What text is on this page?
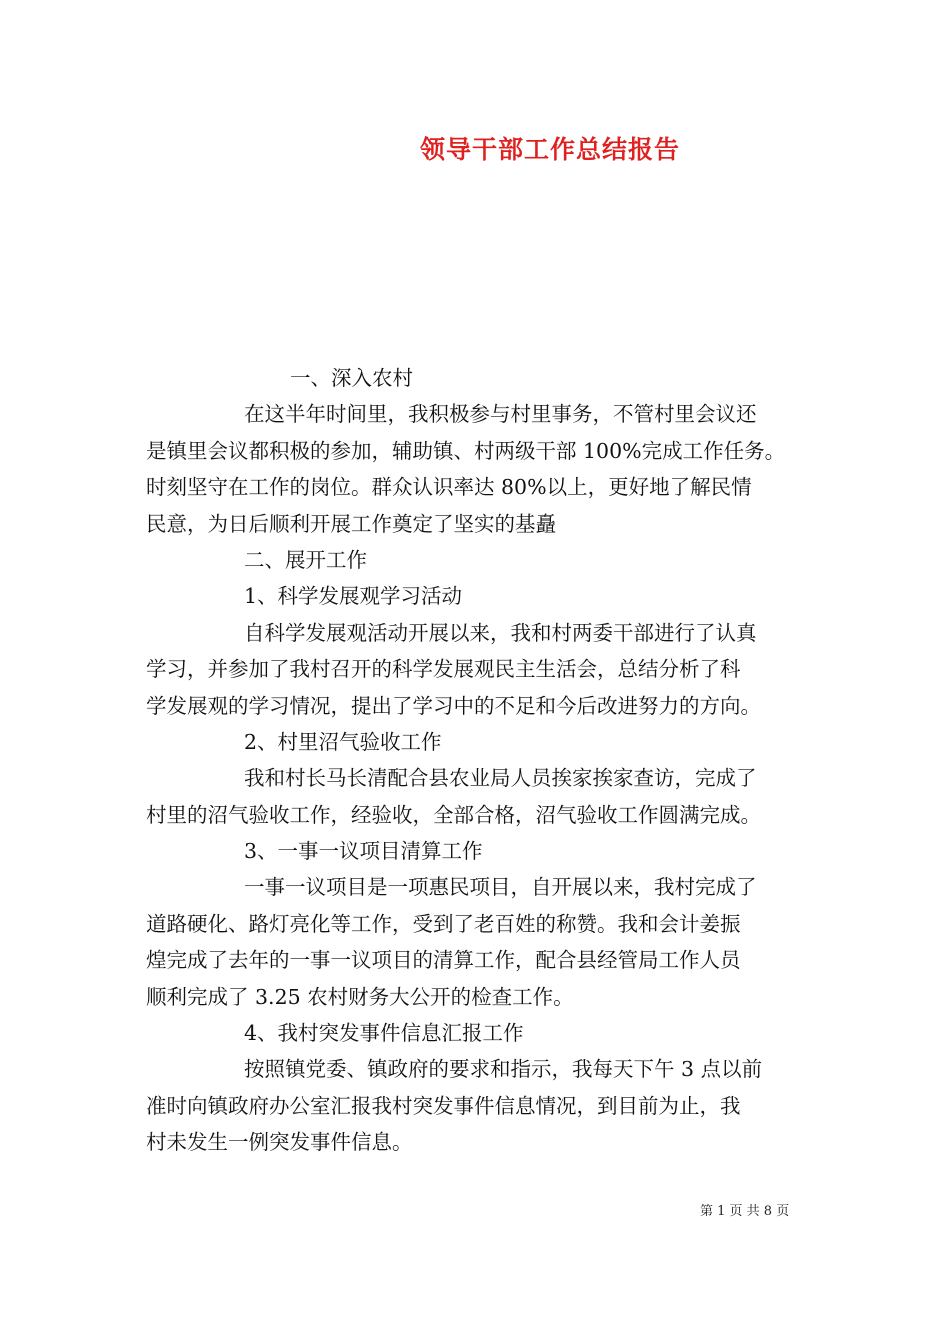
领导干部工作总结报告
一、深入农村
在这半年时间里，我积极参与村里事务，不管村里会议还
是镇里会议都积极的参加，辅助镇、村两级干部 100%完成工作任务。
时刻坚守在工作的岗位。群众认识率达 80%以上，更好地了解民情
民意，为日后顺利开展工作奠定了坚实的基矗
二、展开工作
1、科学发展观学习活动
自科学发展观活动开展以来，我和村两委干部进行了认真
学习，并参加了我村召开的科学发展观民主生活会，总结分析了科
学发展观的学习情况，提出了学习中的不足和今后改进努力的方向。
2、村里沼气验收工作
我和村长马长清配合县农业局人员挨家挨家查访，完成了
村里的沼气验收工作，经验收，全部合格，沼气验收工作圆满完成。
3、一事一议项目清算工作
一事一议项目是一项惠民项目，自开展以来，我村完成了
道路硬化、路灯亮化等工作，受到了老百姓的称赞。我和会计姜振
煌完成了去年的一事一议项目的清算工作，配合县经管局工作人员
顺利完成了 3.25 农村财务大公开的检查工作。
4、我村突发事件信息汇报工作
按照镇党委、镇政府的要求和指示，我每天下午 3 点以前
准时向镇政府办公室汇报我村突发事件信息情况，到目前为止，我
村未发生一例突发事件信息。
第 1 页 共 8 页
